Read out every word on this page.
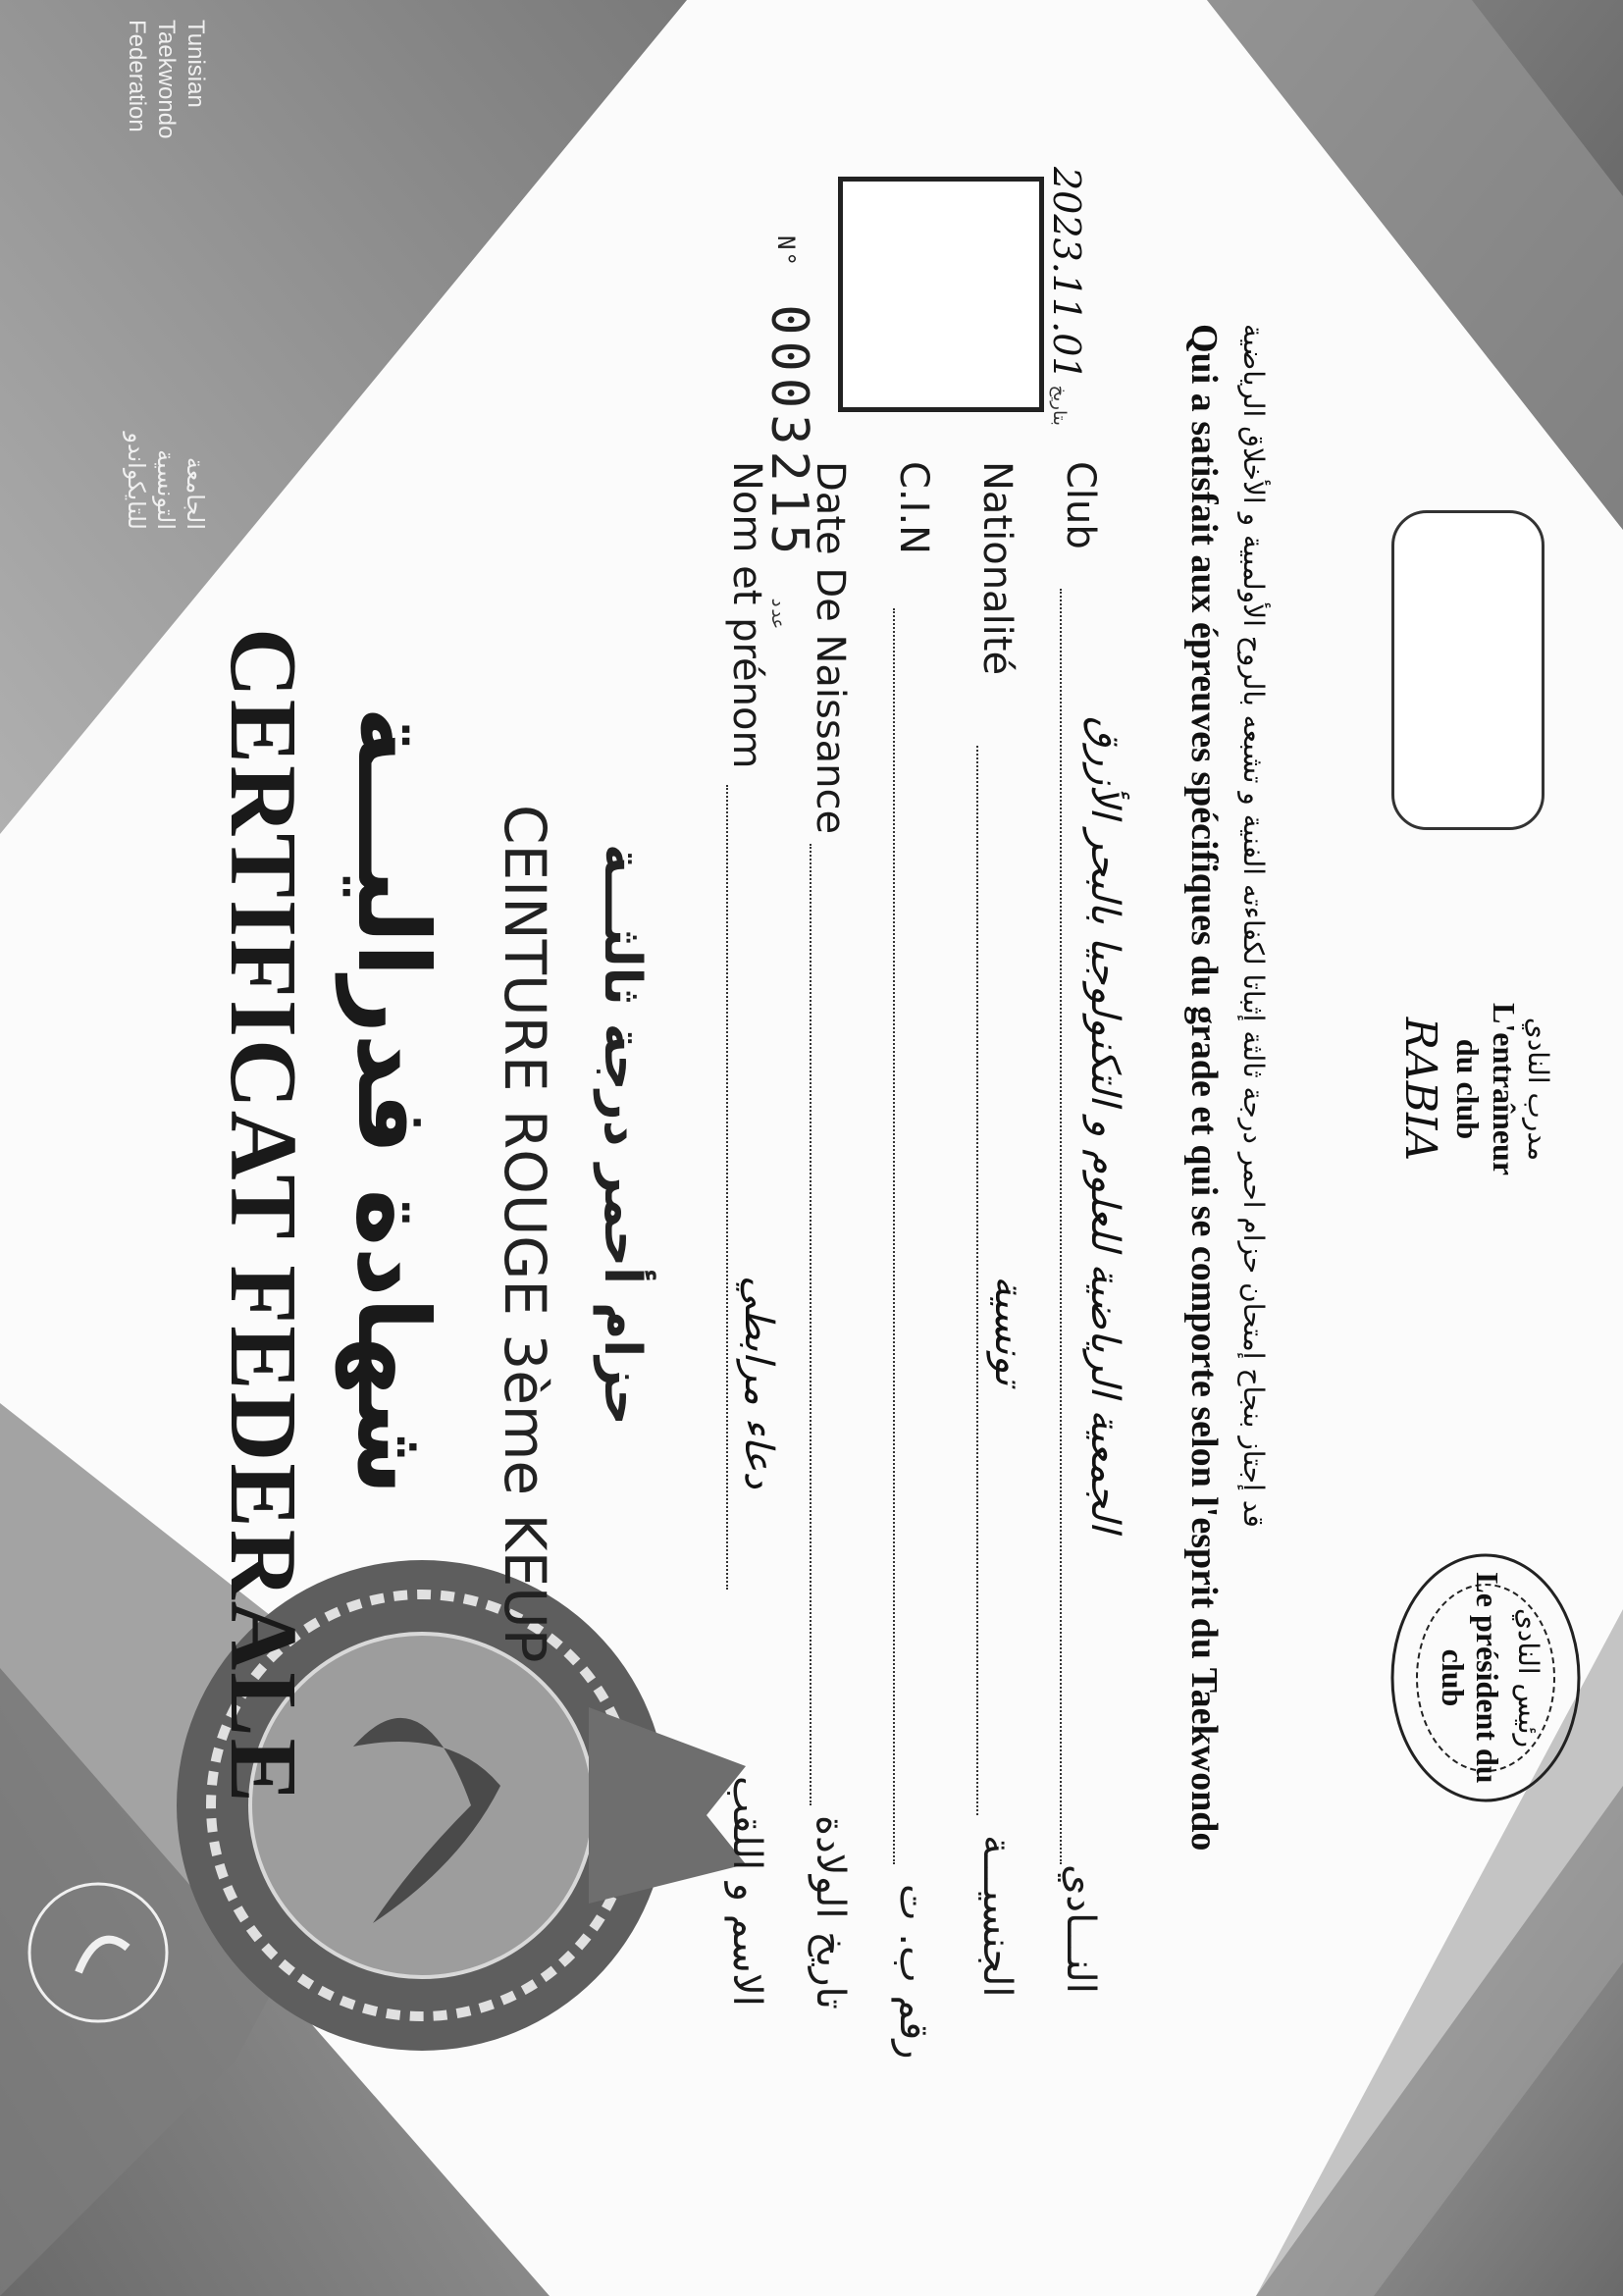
Tunisian
Taekwondo
Federation
الجامعة
التونسية
للتايكواندو
CERTIFICAT FEDERALE شهادة فدراليـــة CEINTURE ROUGE 3ème KEUP حزام أحمر درجة ثالثـــة
N° 0003215 عدد
2023.11.01 بتاريخ
Nom et prénom
دعاء مرابطي
الاسم و اللقب
Date De Naissance
تاريخ الولادة
C.I.N
رقم ب. ت
Nationalité
تونسية
الجنسيـــة
Club
الجمعية الرياضية للعلوم و التكنولوجيا بالبحر الأزرق
النـــادي
Qui a satisfait aux épreuves spécifiques du grade et qui se comporte selon l'esprit du Taekwondo قد إجتاز بنجاح إمتحان حزام احمر درجة ثالثة إثباتا لكفاءته الفنية و تشبعه بالروح الأولمبية و الأخلاق الرياضية	مدرب النادي
L'entraîneur
du club
RABIA
رئيس النادي
Le président du
club
